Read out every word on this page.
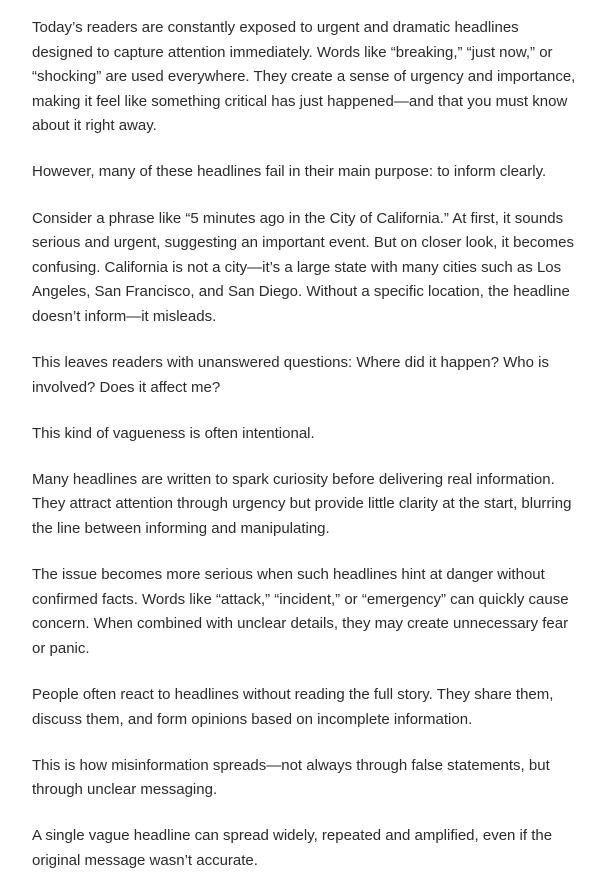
Today’s readers are constantly exposed to urgent and dramatic headlines designed to capture attention immediately. Words like “breaking,” “just now,” or “shocking” are used everywhere. They create a sense of urgency and importance, making it feel like something critical has just happened—and that you must know about it right away.

However, many of these headlines fail in their main purpose: to inform clearly.

Consider a phrase like “5 minutes ago in the City of California.” At first, it sounds serious and urgent, suggesting an important event. But on closer look, it becomes confusing. California is not a city—it’s a large state with many cities such as Los Angeles, San Francisco, and San Diego. Without a specific location, the headline doesn’t inform—it misleads.

This leaves readers with unanswered questions: Where did it happen? Who is involved? Does it affect me?

This kind of vagueness is often intentional.

Many headlines are written to spark curiosity before delivering real information. They attract attention through urgency but provide little clarity at the start, blurring the line between informing and manipulating.

The issue becomes more serious when such headlines hint at danger without confirmed facts. Words like “attack,” “incident,” or “emergency” can quickly cause concern. When combined with unclear details, they may create unnecessary fear or panic.

People often react to headlines without reading the full story. They share them, discuss them, and form opinions based on incomplete information.

This is how misinformation spreads—not always through false statements, but through unclear messaging.

A single vague headline can spread widely, repeated and amplified, even if the original message wasn’t accurate.
